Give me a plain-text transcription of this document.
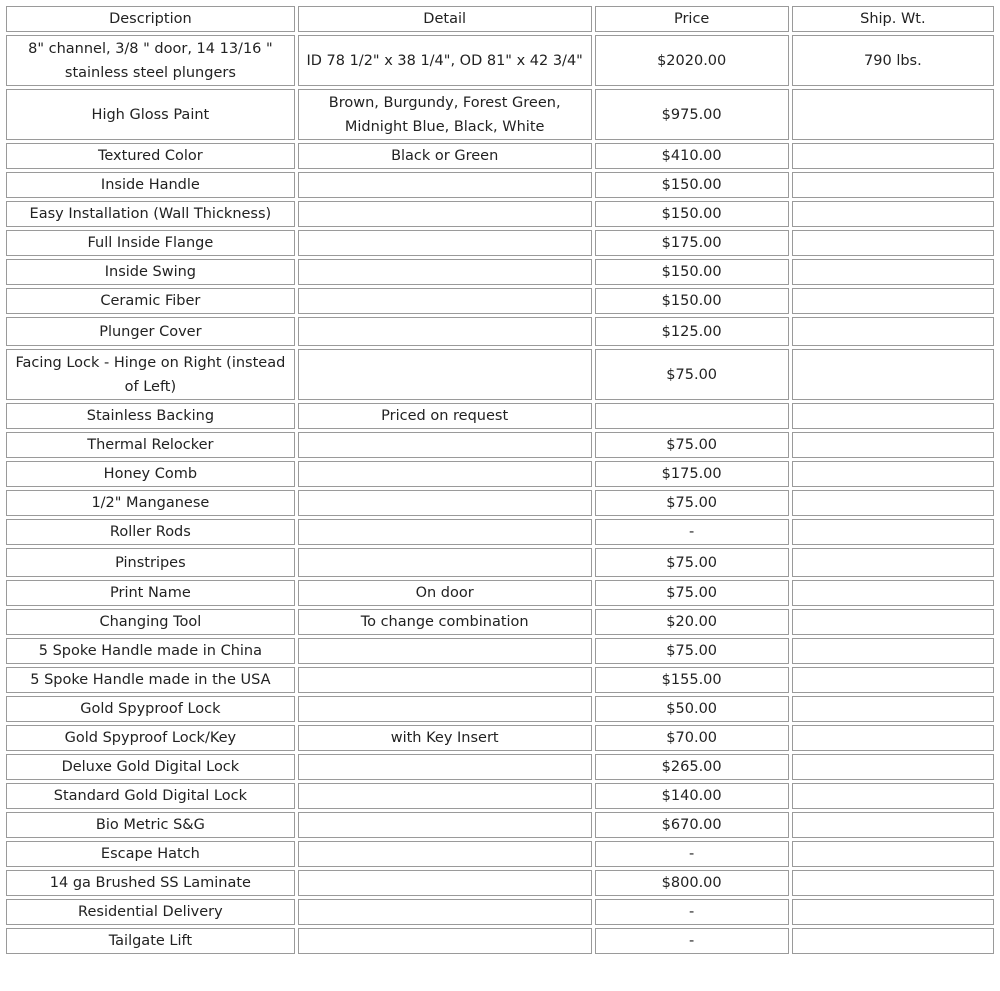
Description	Detail	Price	Ship. Wt.
8" channel, 3/8 " door, 14 13/16 " stainless steel plungers	ID 78 1/2" x 38 1/4", OD 81" x 42 3/4"	$2020.00	790 lbs.
High Gloss Paint	Brown, Burgundy, Forest Green, Midnight Blue, Black, White	$975.00	
Textured Color	Black or Green	$410.00	
Inside Handle		$150.00	
Easy Installation (Wall Thickness)		$150.00	
Full Inside Flange		$175.00	
Inside Swing		$150.00	
Ceramic Fiber		$150.00	
Plunger Cover		$125.00	
Facing Lock - Hinge on Right (instead of Left)		$75.00	
Stainless Backing	Priced on request		
Thermal Relocker		$75.00	
Honey Comb		$175.00	
1/2" Manganese		$75.00	
Roller Rods		-	
Pinstripes		$75.00	
Print Name	On door	$75.00	
Changing Tool	To change combination	$20.00	
5 Spoke Handle made in China		$75.00	
5 Spoke Handle made in the USA		$155.00	
Gold Spyproof Lock		$50.00	
Gold Spyproof Lock/Key	with Key Insert	$70.00	
Deluxe Gold Digital Lock		$265.00	
Standard Gold Digital Lock		$140.00	
Bio Metric S&G		$670.00	
Escape Hatch		-	
14 ga Brushed SS Laminate		$800.00	
Residential Delivery		-	
Tailgate Lift		-	
